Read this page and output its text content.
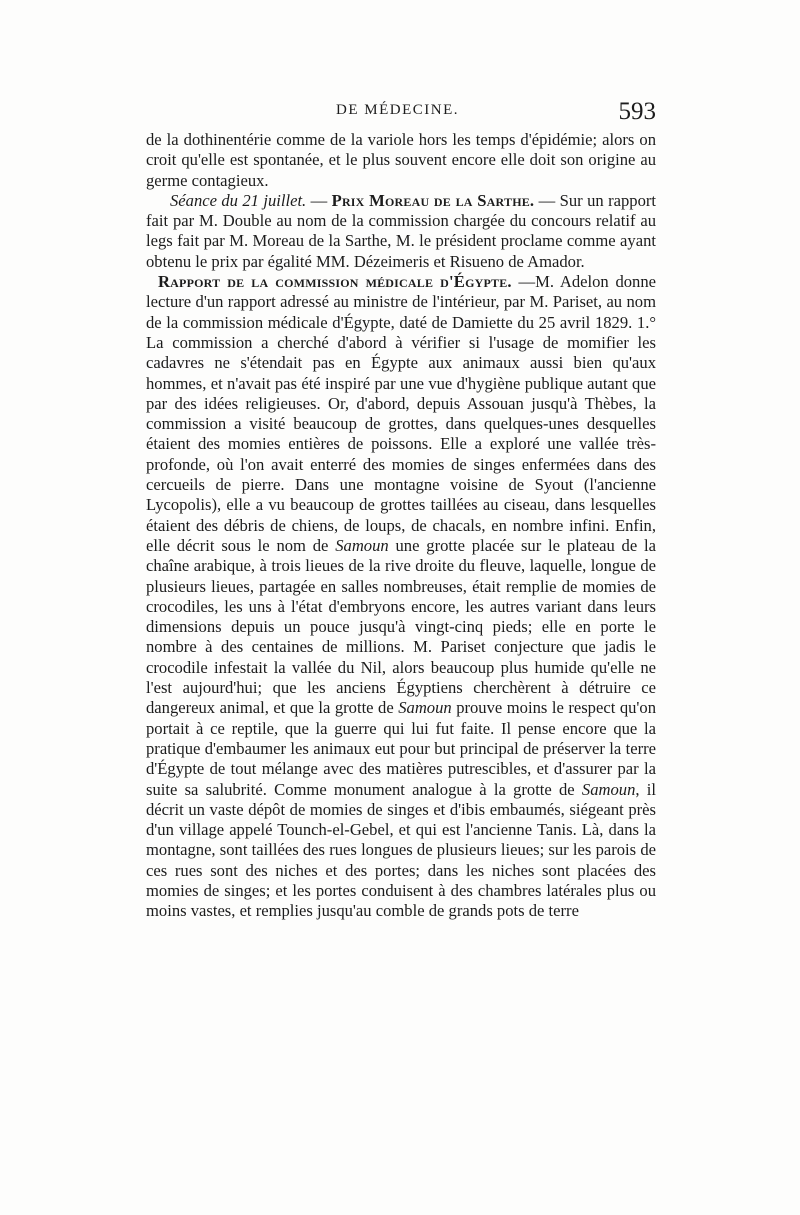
DE MÉDECINE.	593

de la dothinentérie comme de la variole hors les temps d'épidémie; alors on croit qu'elle est spontanée, et le plus souvent encore elle doit son origine au germe contagieux.

Séance du 21 juillet. — Prix Moreau de la Sarthe. — Sur un rapport fait par M. Double au nom de la commission chargée du concours relatif au legs fait par M. Moreau de la Sarthe, M. le président proclame comme ayant obtenu le prix par égalité MM. Dézeimeris et Risueno de Amador.

Rapport de la commission médicale d'Égypte. —M. Adelon donne lecture d'un rapport adressé au ministre de l'intérieur, par M. Pariset, au nom de la commission médicale d'Égypte, daté de Damiette du 25 avril 1829. 1.° La commission a cherché d'abord à vérifier si l'usage de momifier les cadavres ne s'étendait pas en Égypte aux animaux aussi bien qu'aux hommes, et n'avait pas été inspiré par une vue d'hygiène publique autant que par des idées religieuses. Or, d'abord, depuis Assouan jusqu'à Thèbes, la commission a visité beaucoup de grottes, dans quelques-unes desquelles étaient des momies entières de poissons. Elle a exploré une vallée très-profonde, où l'on avait enterré des momies de singes enfermées dans des cercueils de pierre. Dans une montagne voisine de Syout (l'ancienne Lycopolis), elle a vu beaucoup de grottes taillées au ciseau, dans lesquelles étaient des débris de chiens, de loups, de chacals, en nombre infini. Enfin, elle décrit sous le nom de Samoun une grotte placée sur le plateau de la chaîne arabique, à trois lieues de la rive droite du fleuve, laquelle, longue de plusieurs lieues, partagée en salles nombreuses, était remplie de momies de crocodiles, les uns à l'état d'embryons encore, les autres variant dans leurs dimensions depuis un pouce jusqu'à vingt-cinq pieds; elle en porte le nombre à des centaines de millions. M. Pariset conjecture que jadis le crocodile infestait la vallée du Nil, alors beaucoup plus humide qu'elle ne l'est aujourd'hui; que les anciens Égyptiens cherchèrent à détruire ce dangereux animal, et que la grotte de Samoun prouve moins le respect qu'on portait à ce reptile, que la guerre qui lui fut faite. Il pense encore que la pratique d'embaumer les animaux eut pour but principal de préserver la terre d'Égypte de tout mélange avec des matières putrescibles, et d'assurer par la suite sa salubrité. Comme monument analogue à la grotte de Samoun, il décrit un vaste dépôt de momies de singes et d'ibis embaumés, siégeant près d'un village appelé Tounch-el-Gebel, et qui est l'ancienne Tanis. Là, dans la montagne, sont taillées des rues longues de plusieurs lieues; sur les parois de ces rues sont des niches et des portes; dans les niches sont placées des momies de singes; et les portes conduisent à des chambres latérales plus ou moins vastes, et remplies jusqu'au comble de grands pots de terre
